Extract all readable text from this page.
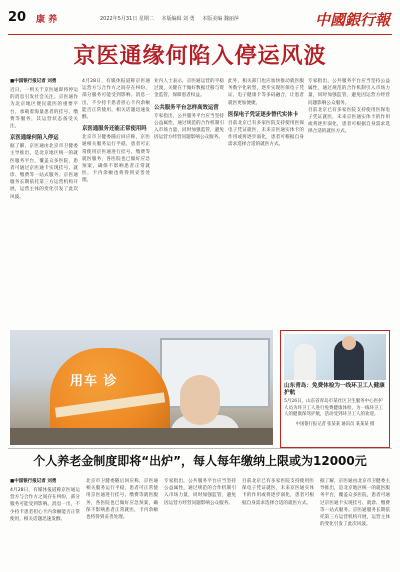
20 康 养	2022年5月31日 星期二 本版编辑 刘 勇 本版美编 魏丽萍	中國銀行報
京医通缘何陷入停运风波
■中国银行报记者 刘勇
近日，一则关于京医通即将停运的消息引发社会关注。京医通作为北京地区便民就医的重要平台，承载着海量患者的挂号、缴费等服务，其运营状态备受关注。
京医通缘何陷入停运
据了解，京医通由北京市卫健委主导推出，是北京地区统一的就医服务平台，覆盖众多医院，患者可通过京医通卡实现挂号、就诊、缴费等一站式服务。京医通服务长期依托第三方运营机构开展，运营主体的变化引发了此次风波。
4月28日，有媒体报道称京医通运营方与合作方之间存在纠纷，部分服务可能受到影响。消息一出，不少持卡患者担心卡内余额能否正常使用，相关话题迅速发酵。
京医通服务还能正常使用吗
北京市卫健委随后回应称，京医通相关服务运行平稳，患者可正常使用京医通进行挂号、缴费等就医服务，各医院也已做好应急预案，确保不影响患者正常就医，卡内余额也将得到妥善处理。
业内人士表示，京医通运营的平稳过渡，关键在于做好数据迁移与资金监管，保障患者权益。
公共服务平台怎样高效运营
专家指出，公共服务平台应当坚持公益属性，通过规范的合作机制引入市场力量，同时加强监管，避免因运营方经营问题影响公众服务。
此外，相关部门也应加快推动就医服务数字化转型，逐步实现医保电子凭证、电子健康卡等多码融合，让患者就医更加便捷。
医保电子凭证逐步替代实体卡
目前北京已有多家医院支持使用医保电子凭证就医，未来京医通实体卡的作用或将逐步弱化，患者可根据自身需求选择合适的就医方式。
专家指出，公共服务平台应当坚持公益属性，通过规范的合作机制引入市场力量，同时加强监管，避免因运营方经营问题影响公众服务。
目前北京已有多家医院支持使用医保电子凭证就医，未来京医通实体卡的作用或将逐步弱化，患者可根据自身需求选择合适的就医方式。
用车 诊	山东青岛：免费体检为一线环卫工人健康护航
5月26日，山东省青岛市某社区卫生服务中心医护人员为环卫工人进行免费健康体检，为一线环卫工人的健康保驾护航，活动受到环卫工人的欢迎。
中国银行报记者 张某某 通讯员 某某某 摄
个人养老金制度即将“出炉”，每人每年缴纳上限或为12000元
■中国银行报记者 刘勇
4月28日，有媒体报道称京医通运营方与合作方之间存在纠纷，部分服务可能受到影响。消息一出，不少持卡患者担心卡内余额能否正常使用，相关话题迅速发酵。
北京市卫健委随后回应称，京医通相关服务运行平稳，患者可正常使用京医通进行挂号、缴费等就医服务，各医院也已做好应急预案，确保不影响患者正常就医，卡内余额也将得到妥善处理。
专家指出，公共服务平台应当坚持公益属性，通过规范的合作机制引入市场力量，同时加强监管，避免因运营方经营问题影响公众服务。
目前北京已有多家医院支持使用医保电子凭证就医，未来京医通实体卡的作用或将逐步弱化，患者可根据自身需求选择合适的就医方式。
据了解，京医通由北京市卫健委主导推出，是北京地区统一的就医服务平台，覆盖众多医院，患者可通过京医通卡实现挂号、就诊、缴费等一站式服务。京医通服务长期依托第三方运营机构开展，运营主体的变化引发了此次风波。
